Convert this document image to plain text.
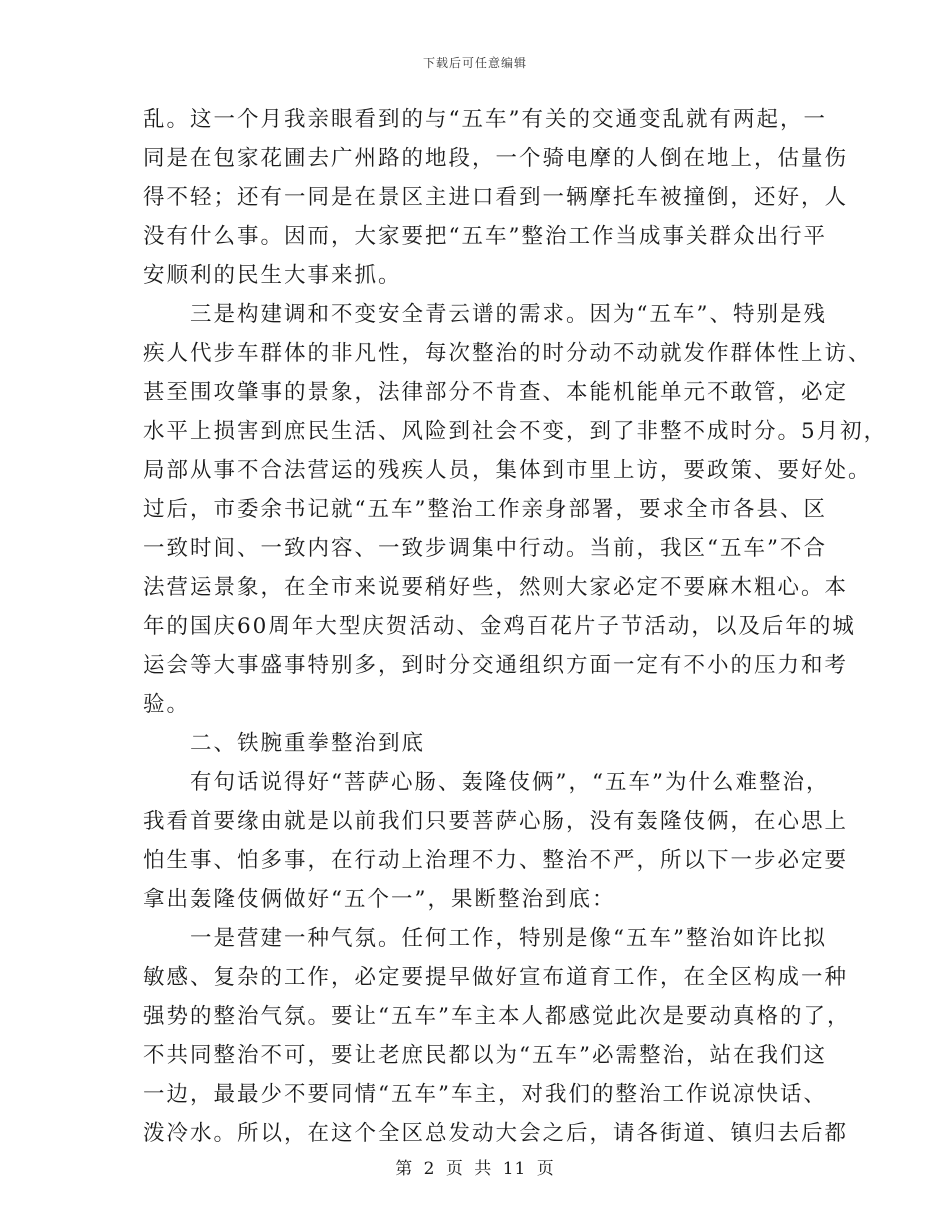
下载后可任意编辑

乱。这一个月我亲眼看到的与“五车”有关的交通变乱就有两起，一
同是在包家花圃去广州路的地段，一个骑电摩的人倒在地上，估量伤
得不轻；还有一同是在景区主进口看到一辆摩托车被撞倒，还好，人
没有什么事。因而，大家要把“五车”整治工作当成事关群众出行平
安顺利的民生大事来抓。
　　三是构建调和不变安全青云谱的需求。因为“五车”、特别是残
疾人代步车群体的非凡性，每次整治的时分动不动就发作群体性上访、
甚至围攻肇事的景象，法律部分不肯查、本能机能单元不敢管，必定
水平上损害到庶民生活、风险到社会不变，到了非整不成时分。5月初，
局部从事不合法营运的残疾人员，集体到市里上访，要政策、要好处。
过后，市委余书记就“五车”整治工作亲身部署，要求全市各县、区
一致时间、一致内容、一致步调集中行动。当前，我区“五车”不合
法营运景象，在全市来说要稍好些，然则大家必定不要麻木粗心。本
年的国庆60周年大型庆贺活动、金鸡百花片子节活动，以及后年的城
运会等大事盛事特别多，到时分交通组织方面一定有不小的压力和考
验。
　　二、铁腕重拳整治到底
　　有句话说得好“菩萨心肠、轰隆伎俩”，“五车”为什么难整治，
我看首要缘由就是以前我们只要菩萨心肠，没有轰隆伎俩，在心思上
怕生事、怕多事，在行动上治理不力、整治不严，所以下一步必定要
拿出轰隆伎俩做好“五个一”，果断整治到底：
　　一是营建一种气氛。任何工作，特别是像“五车”整治如许比拟
敏感、复杂的工作，必定要提早做好宣布道育工作，在全区构成一种
强势的整治气氛。要让“五车”车主本人都感觉此次是要动真格的了，
不共同整治不可，要让老庶民都以为“五车”必需整治，站在我们这
一边，最最少不要同情“五车”车主，对我们的整治工作说凉快话、
泼冷水。所以，在这个全区总发动大会之后，请各街道、镇归去后都

第 2 页 共 11 页
